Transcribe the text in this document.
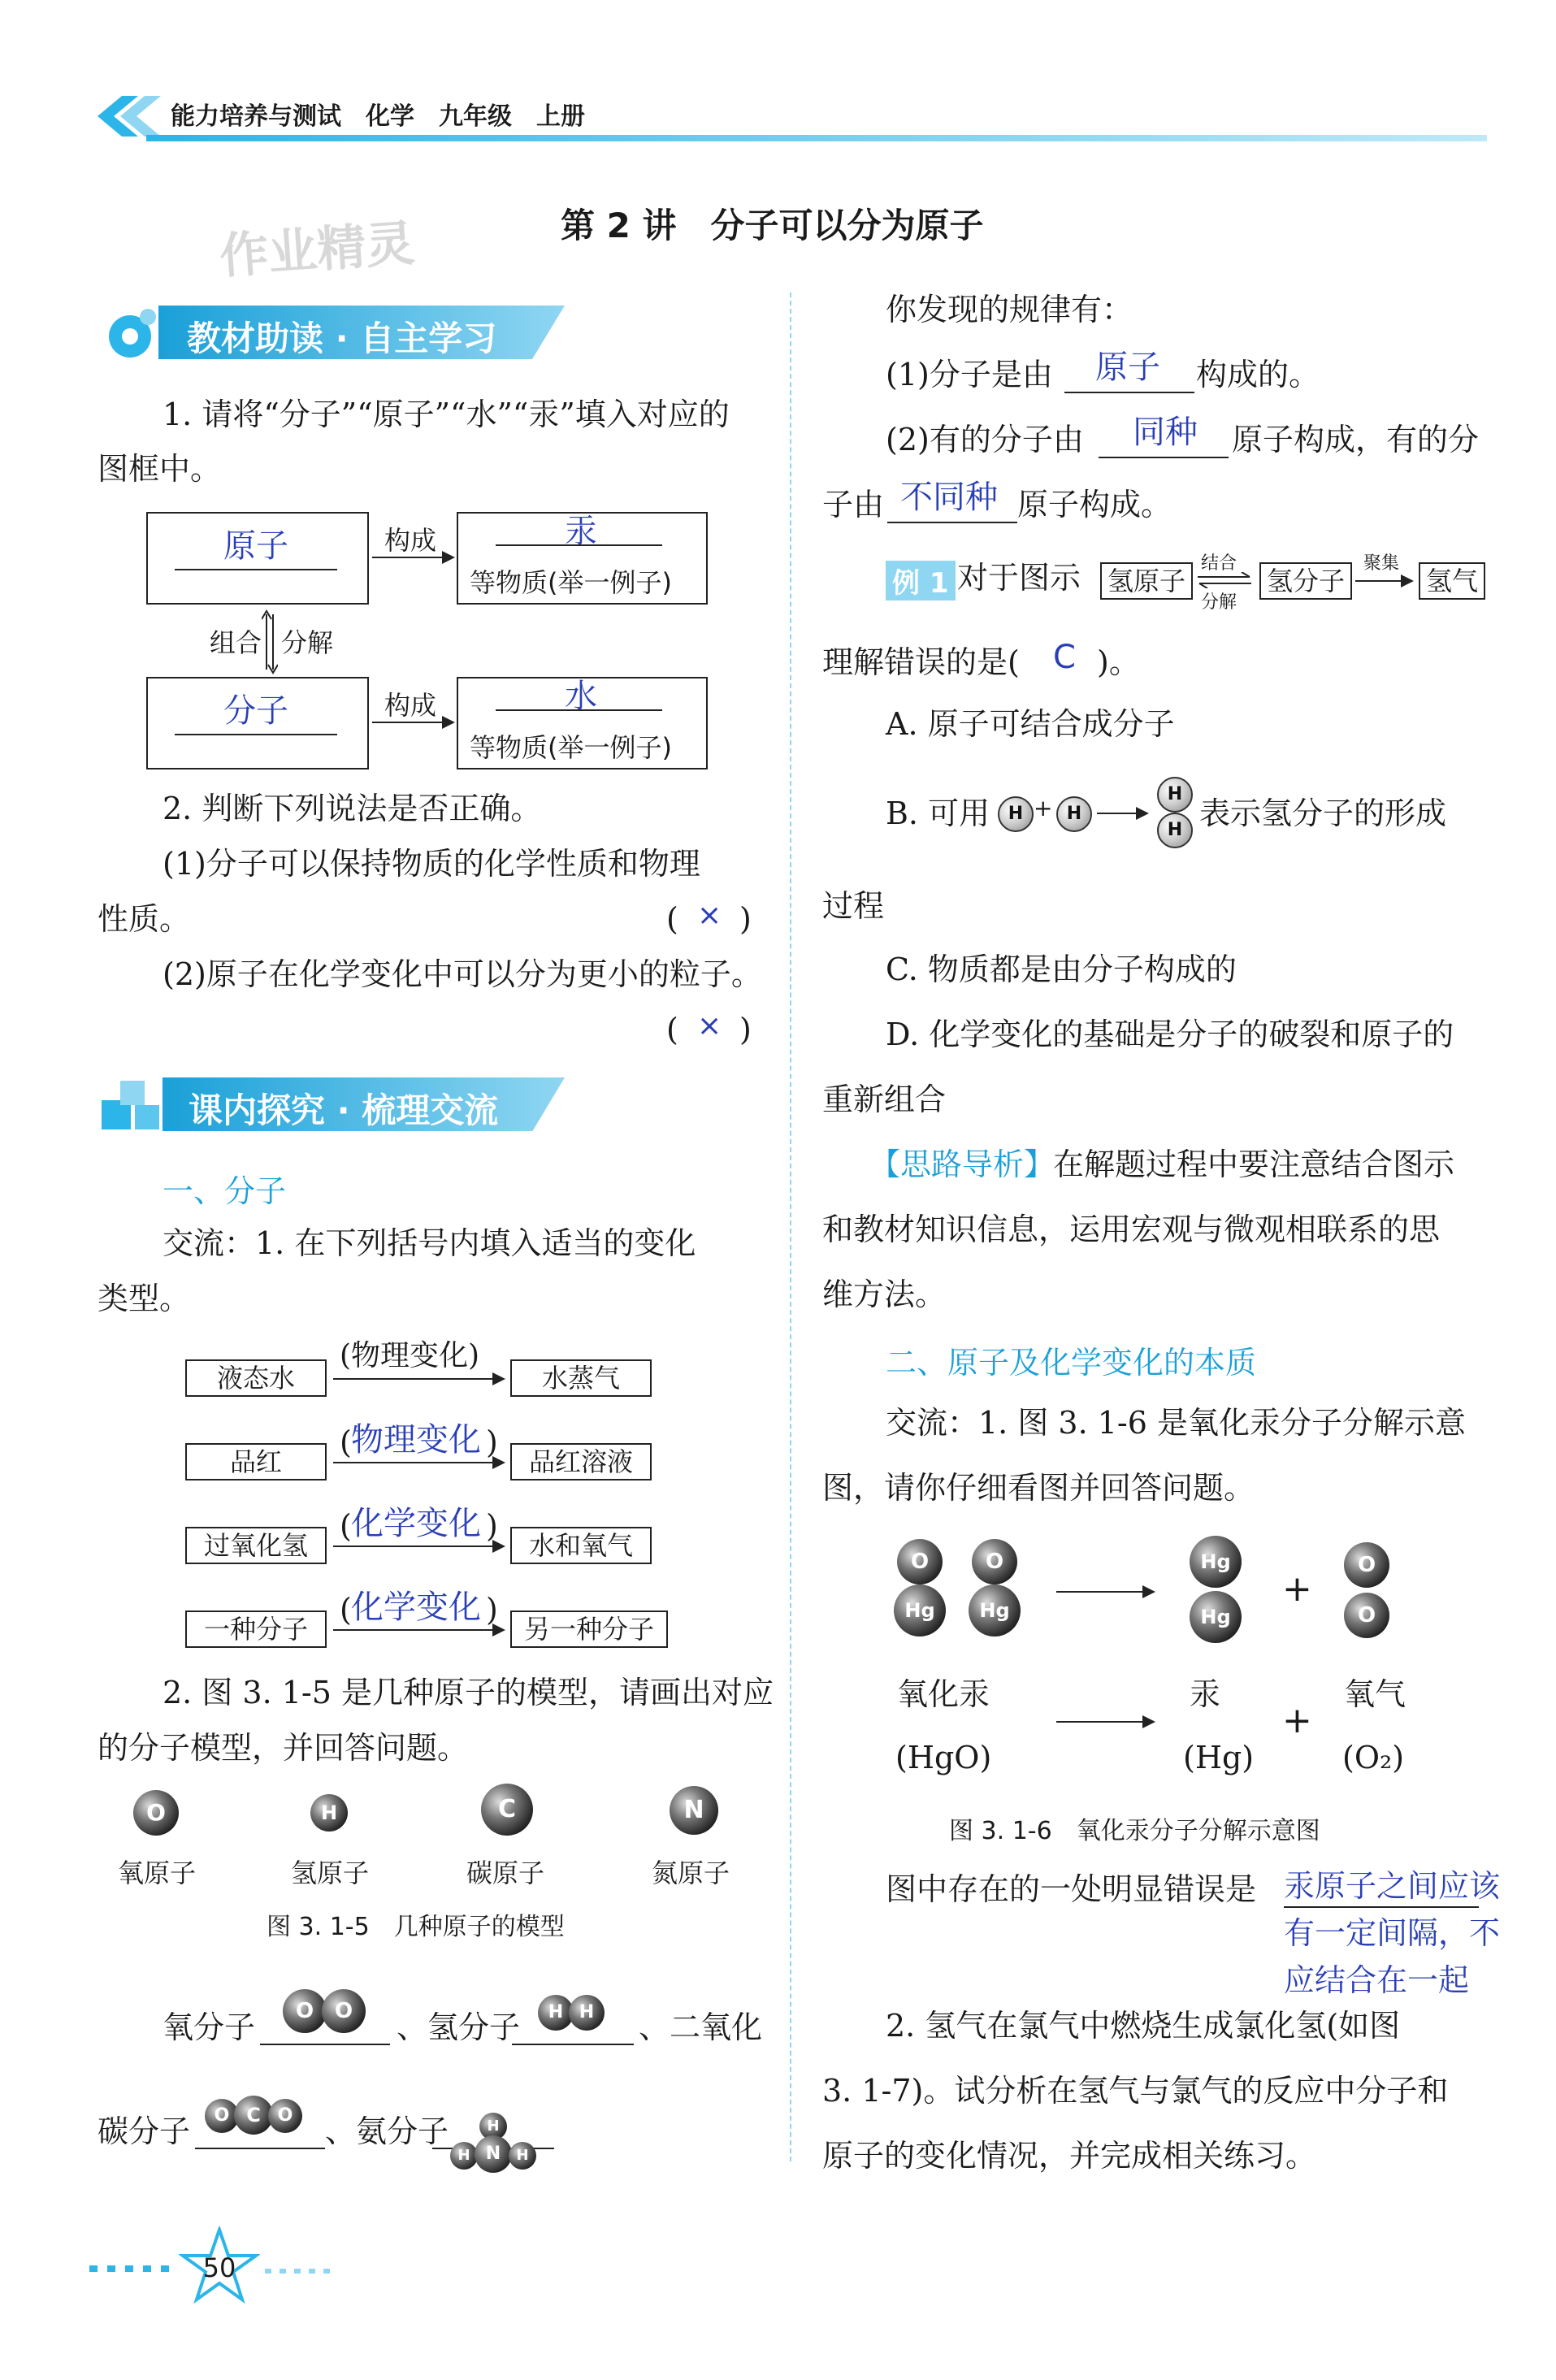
能力培养与测试　化学　九年级　上册
第 2 讲　分子可以分为原子
作业精灵
教材助读 · 自主学习
1. 请将“分子”“原子”“水”“汞”填入对应的
图框中。
原子	构成	汞
等物质(举一例子)
组合 分解
分子	构成	水
等物质(举一例子)
2. 判断下列说法是否正确。
(1)分子可以保持物质的化学性质和物理
性质。	( × )
(2)原子在化学变化中可以分为更小的粒子。
( × )
课内探究 · 梳理交流
一、分子
交流：1. 在下列括号内填入适当的变化
类型。
液态水
(物理变化)
水蒸气
品红
( 物理变化 )
品红溶液
过氧化氢
( 化学变化 )
水和氧气
一种分子
( 化学变化 )
另一种分子
2. 图 3. 1-5 是几种原子的模型，请画出对应
的分子模型，并回答问题。
O
氧原子
H
氢原子
C
碳原子
N
氮原子
图 3. 1-5　几种原子的模型
氧分子	O O	、氢分子	H H	、二氧化
碳分子	O C O	、氨分子	H
H N	H
你发现的规律有：
(1)分子是由 原子 构成的。
(2)有的分子由 同种 原子构成，有的分
子由 不同种 原子构成。
例 1 对于图示 氢原子
结合
分解
氢分子
聚集
氢气
理解错误的是( C )。
A. 原子可结合成分子
B. 可用	H + H
H
H 表示氢分子的形成
过程
C. 物质都是由分子构成的
D. 化学变化的基础是分子的破裂和原子的
重新组合
【思路导析】
在解题过程中要注意结合图示
和教材知识信息，运用宏观与微观相联系的思
维方法。
二、原子及化学变化的本质
交流：1. 图 3. 1-6 是氧化汞分子分解示意
图，请你仔细看图并回答问题。
O
Hg
O
Hg
Hg
Hg
+
O
O
氧化汞	汞	氧气
+
(HgO)	(Hg)	(O₂)
图 3. 1-6　氧化汞分子分解示意图
图中存在的一处明显错误是 汞原子之间应该
有一定间隔，不
应结合在一起
2. 氢气在氯气中燃烧生成氯化氢(如图
3. 1-7)。试分析在氢气与氯气的反应中分子和
原子的变化情况，并完成相关练习。
50
